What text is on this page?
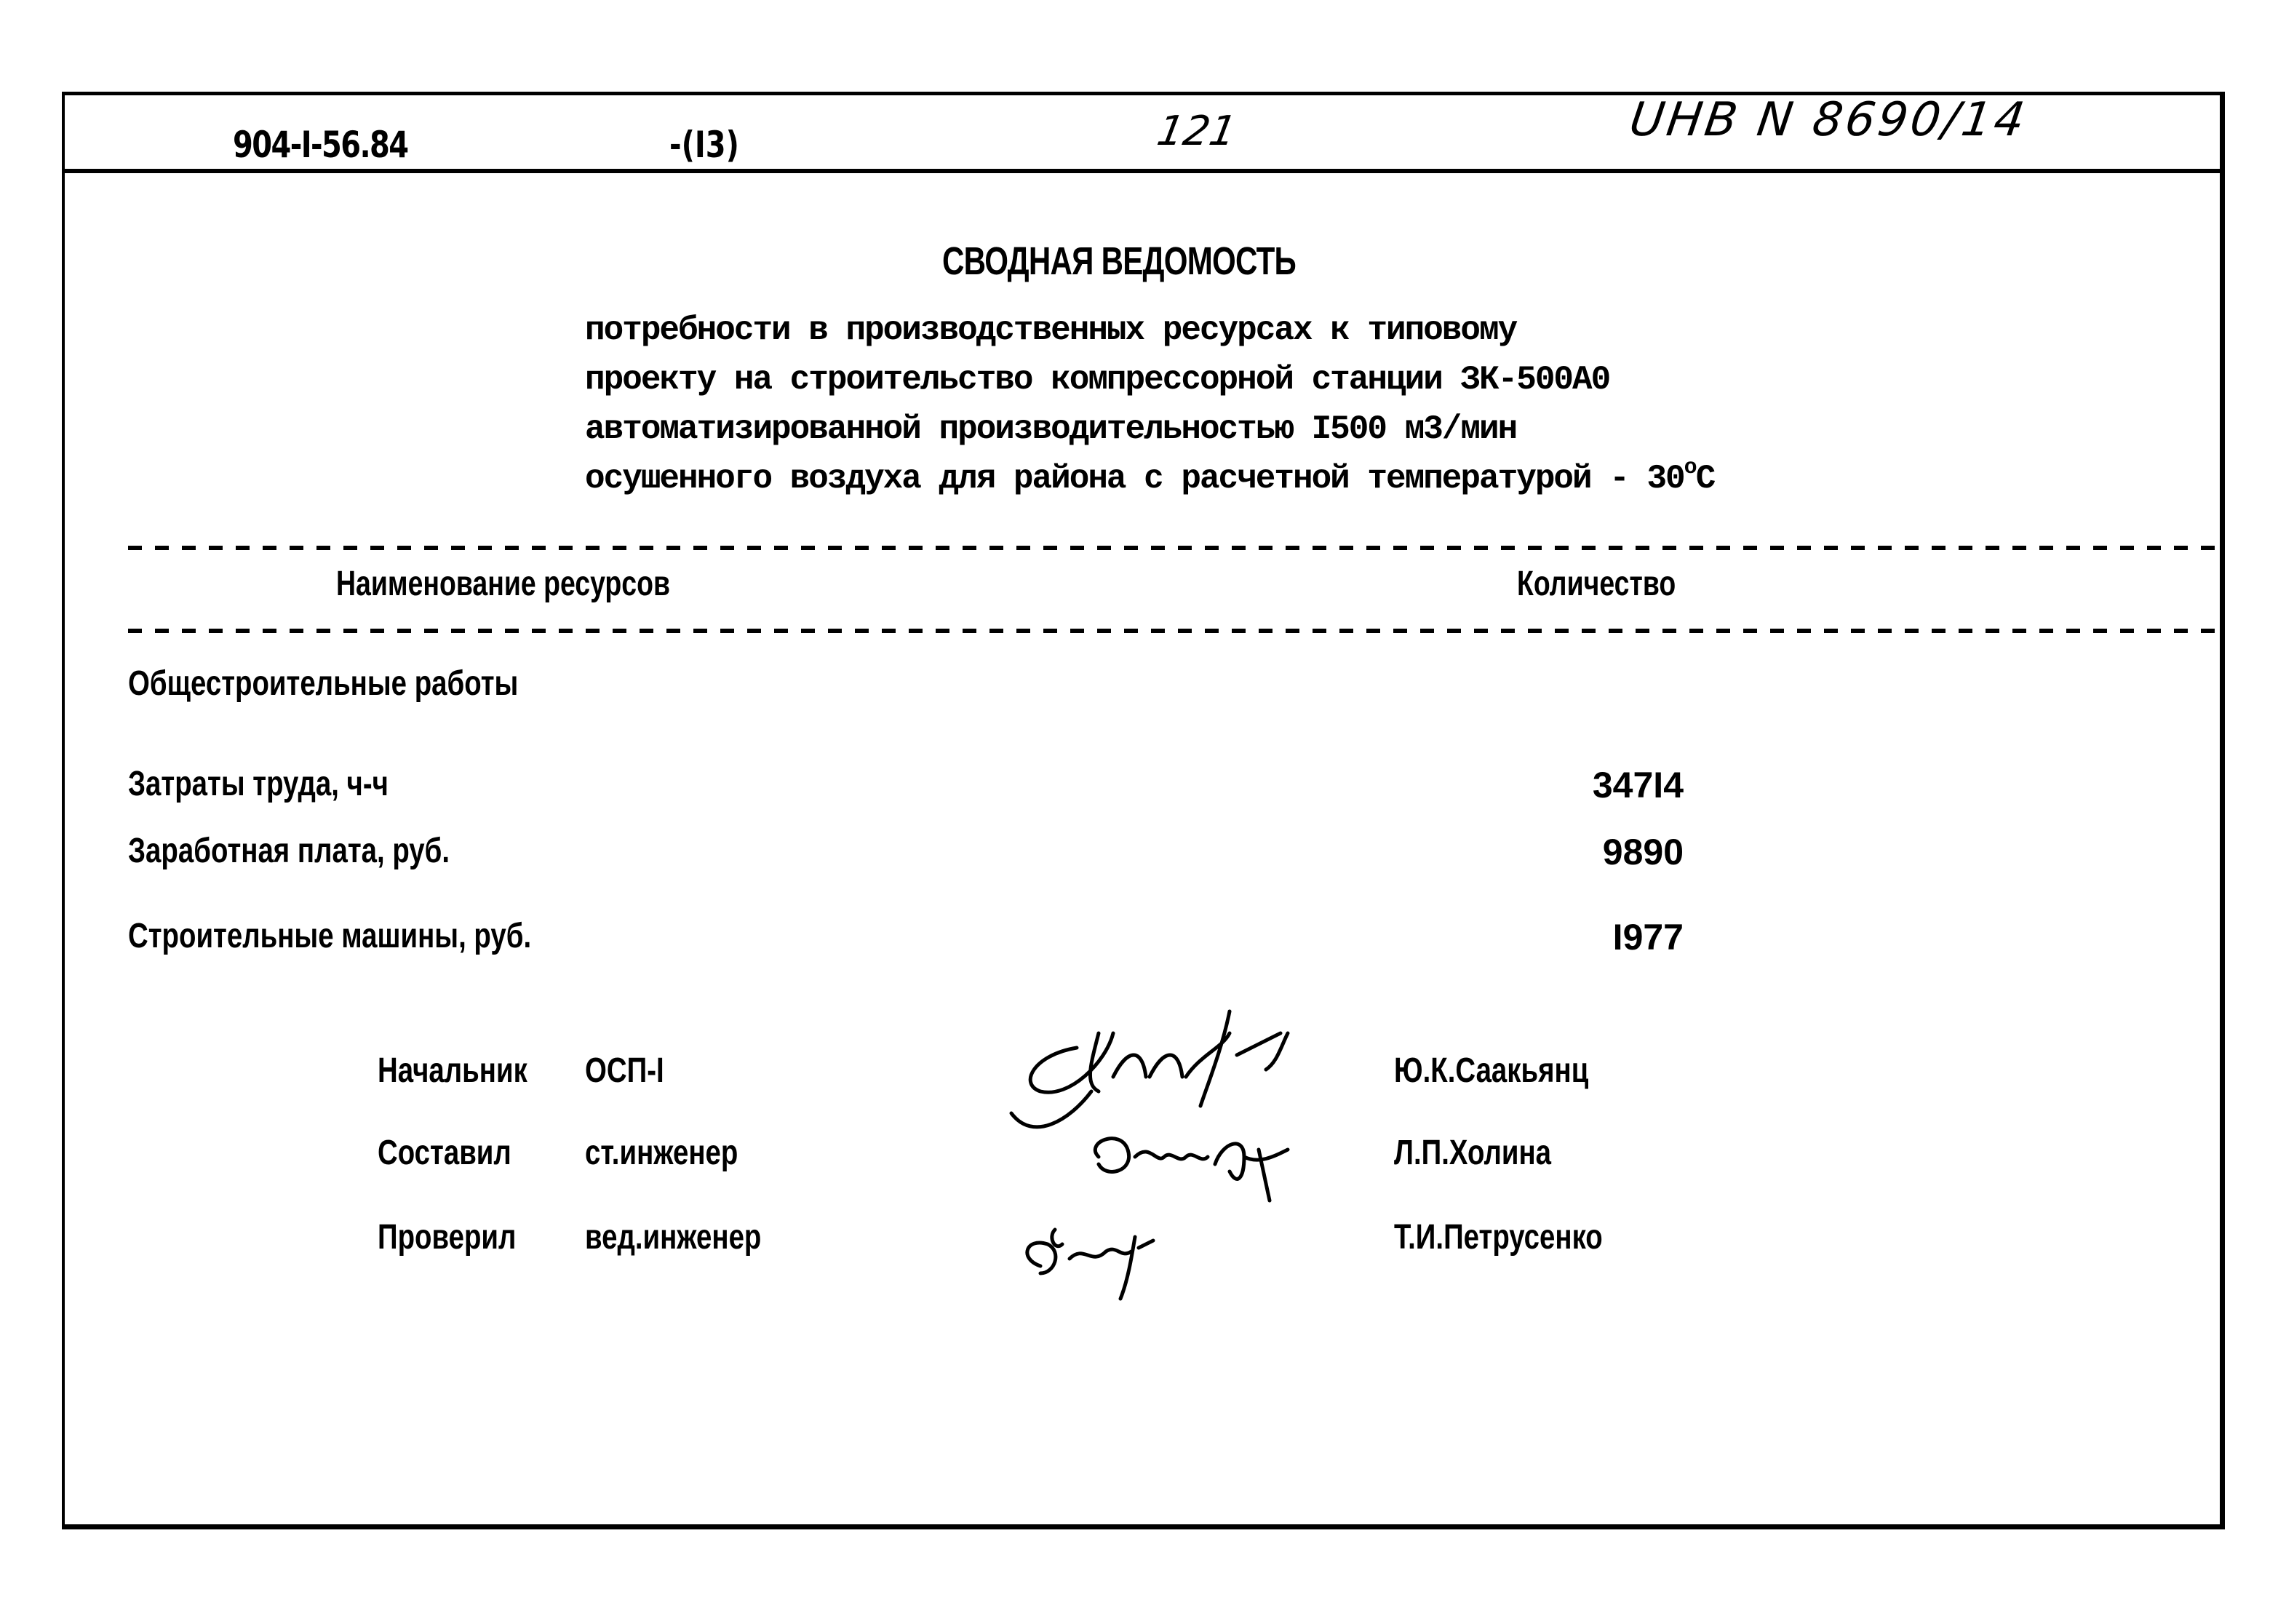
904-I-56.84	-(I3)	121	UHB N 8690/14
СВОДНАЯ ВЕДОМОСТЬ
потребности в производственных ресурсах к типовому
проекту на строительство компрессорной станции ЗК-500А0
автоматизированной производительностью I500 м3/мин
осушенного воздуха для района с расчетной температурой - 30$^o$C
Наименование ресурсов	Количество
Общестроительные работы
Затраты труда, ч-ч	347I4
Заработная плата, руб.	9890
Строительные машины, руб.	I977
Начальник ОСП-I	Ю.К.Саакьянц
Составил ст.инженер	Л.П.Холина
Проверил вед.инженер	Т.И.Петрусенко
